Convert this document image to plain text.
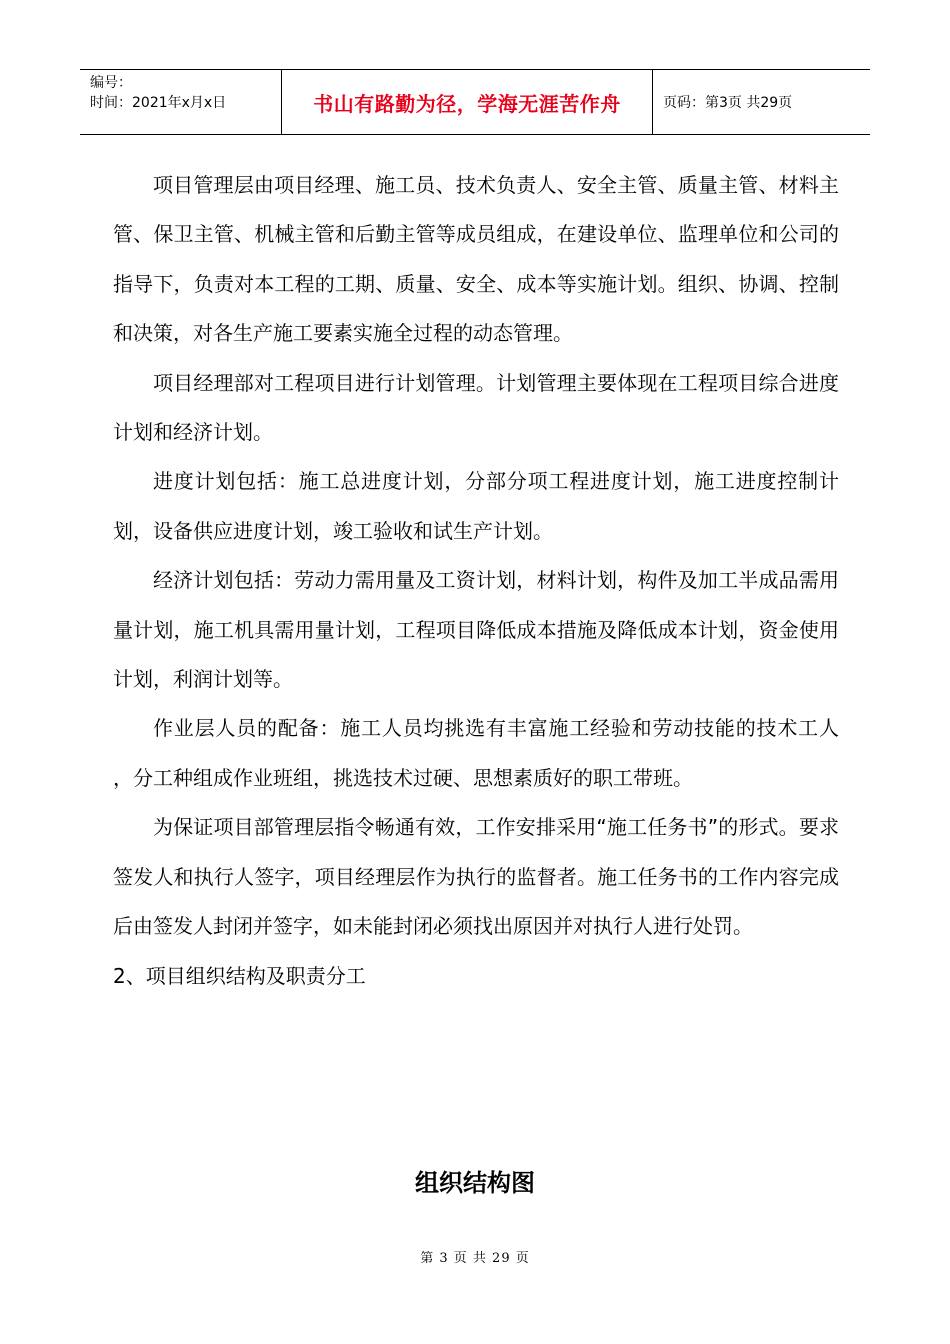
编号：
时间：2021年x月x日	书山有路勤为径，学海无涯苦作舟	页码：第3页 共29页

项目管理层由项目经理、施工员、技术负责人、安全主管、质量主管、材料主管、保卫主管、机械主管和后勤主管等成员组成，在建设单位、监理单位和公司的指导下，负责对本工程的工期、质量、安全、成本等实施计划。组织、协调、控制和决策，对各生产施工要素实施全过程的动态管理。

项目经理部对工程项目进行计划管理。计划管理主要体现在工程项目综合进度计划和经济计划。

进度计划包括：施工总进度计划，分部分项工程进度计划，施工进度控制计划，设备供应进度计划，竣工验收和试生产计划。

经济计划包括：劳动力需用量及工资计划，材料计划，构件及加工半成品需用量计划，施工机具需用量计划，工程项目降低成本措施及降低成本计划，资金使用计划，利润计划等。

作业层人员的配备：施工人员均挑选有丰富施工经验和劳动技能的技术工人 ，分工种组成作业班组，挑选技术过硬、思想素质好的职工带班。

为保证项目部管理层指令畅通有效，工作安排采用“施工任务书”的形式。要求签发人和执行人签字，项目经理层作为执行的监督者。施工任务书的工作内容完成后由签发人封闭并签字，如未能封闭必须找出原因并对执行人进行处罚。

2、项目组织结构及职责分工

组织结构图
第 3 页 共 29 页
